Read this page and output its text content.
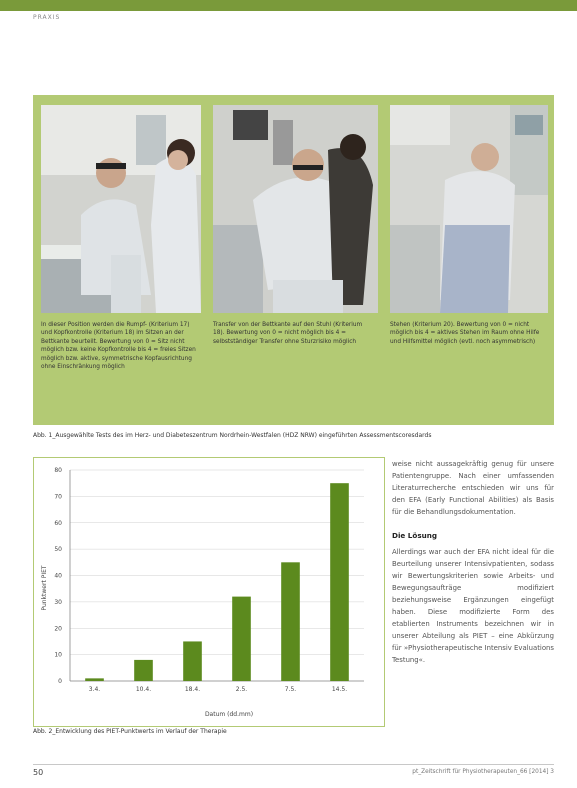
PRAXIS
In dieser Position werden die Rumpf- (Kriterium 17) und Kopfkontrolle (Kriterium 18) im Sitzen an der Bettkante beurteilt. Bewertung von 0 = Sitz nicht möglich bzw. keine Kopfkontrolle bis 4 = freies Sitzen möglich bzw. aktive, symmetrische Kopfausrichtung ohne Einschränkung möglich
Transfer von der Bettkante auf den Stuhl (Kriterium 18). Bewertung von 0 = nicht möglich bis 4 = selbstständiger Transfer ohne Sturzrisiko möglich
Stehen (Kriterium 20). Bewertung von 0 = nicht möglich bis 4 = aktives Stehen im Raum ohne Hilfe und Hilfsmittel möglich (evtl. noch asymmetrisch)
Abb. 1_Ausgewählte Tests des im Herz- und Diabeteszentrum Nordrhein-Westfalen (HDZ NRW) eingeführten Assessmentscoresdards
0
10
20
30
40
50
60
70
80
3.4.	10.4.	18.4.	2.5.	7.5.	14.5.
Punktwert PIET
Datum (dd.mm)
Abb. 2_Entwicklung des PIET-Punktwerts im Verlauf der Therapie

weise nicht aussagekräftig genug für unsere Patientengruppe. Nach einer umfassenden Literaturrecherche entschieden wir uns für den EFA (Early Functional Abilities) als Basis für die Behandlungsdokumentation.

Die Lösung

Allerdings war auch der EFA nicht ideal für die Beurteilung unserer Intensivpatienten, sodass wir Bewertungskriterien sowie Arbeits- und Bewegungsaufträge modifiziert beziehungsweise Ergänzungen eingefügt haben. Diese modifizierte Form des etablierten Instruments bezeichnen wir in unserer Abteilung als PIET – eine Abkürzung für »Physiotherapeutische Intensiv Evaluations Testung«.

50	pt_Zeitschrift für Physiotherapeuten_66 [2014] 3
